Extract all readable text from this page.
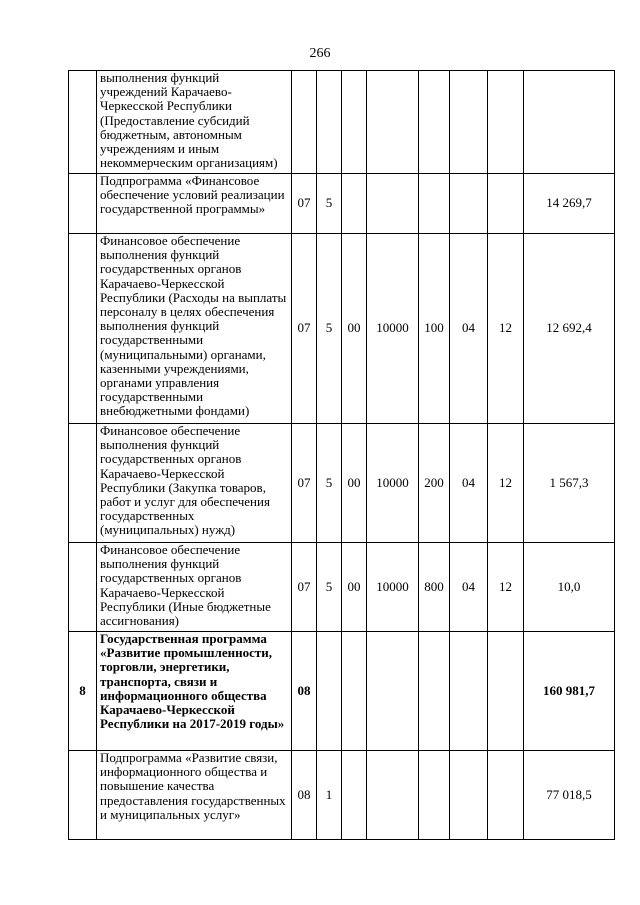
266
	выполнения функций учреждений Карачаево-Черкесской Республики (Предоставление субсидий бюджетным, автономным учреждениям и иным некоммерческим организациям)								
	Подпрограмма «Финансовое обеспечение условий реализации государственной программы»	07	5						14 269,7
	Финансовое обеспечение выполнения функций государственных органов Карачаево-Черкесской Республики (Расходы на выплаты персоналу в целях обеспечения выполнения функций государственными (муниципальными) органами, казенными учреждениями, органами управления государственными внебюджетными фондами)	07	5	00	10000	100	04	12	12 692,4
	Финансовое обеспечение выполнения функций государственных органов Карачаево-Черкесской Республики (Закупка товаров, работ и услуг для обеспечения государственных (муниципальных) нужд)	07	5	00	10000	200	04	12	1 567,3
	Финансовое обеспечение выполнения функций государственных органов Карачаево-Черкесской Республики (Иные бюджетные ассигнования)	07	5	00	10000	800	04	12	10,0
8	Государственная программа «Развитие промышленности, торговли, энергетики, транспорта, связи и информационного общества Карачаево-Черкесской Республики на 2017-2019 годы»	08							160 981,7
	Подпрограмма «Развитие связи, информационного общества и повышение качества предоставления государственных и муниципальных услуг»	08	1						77 018,5
